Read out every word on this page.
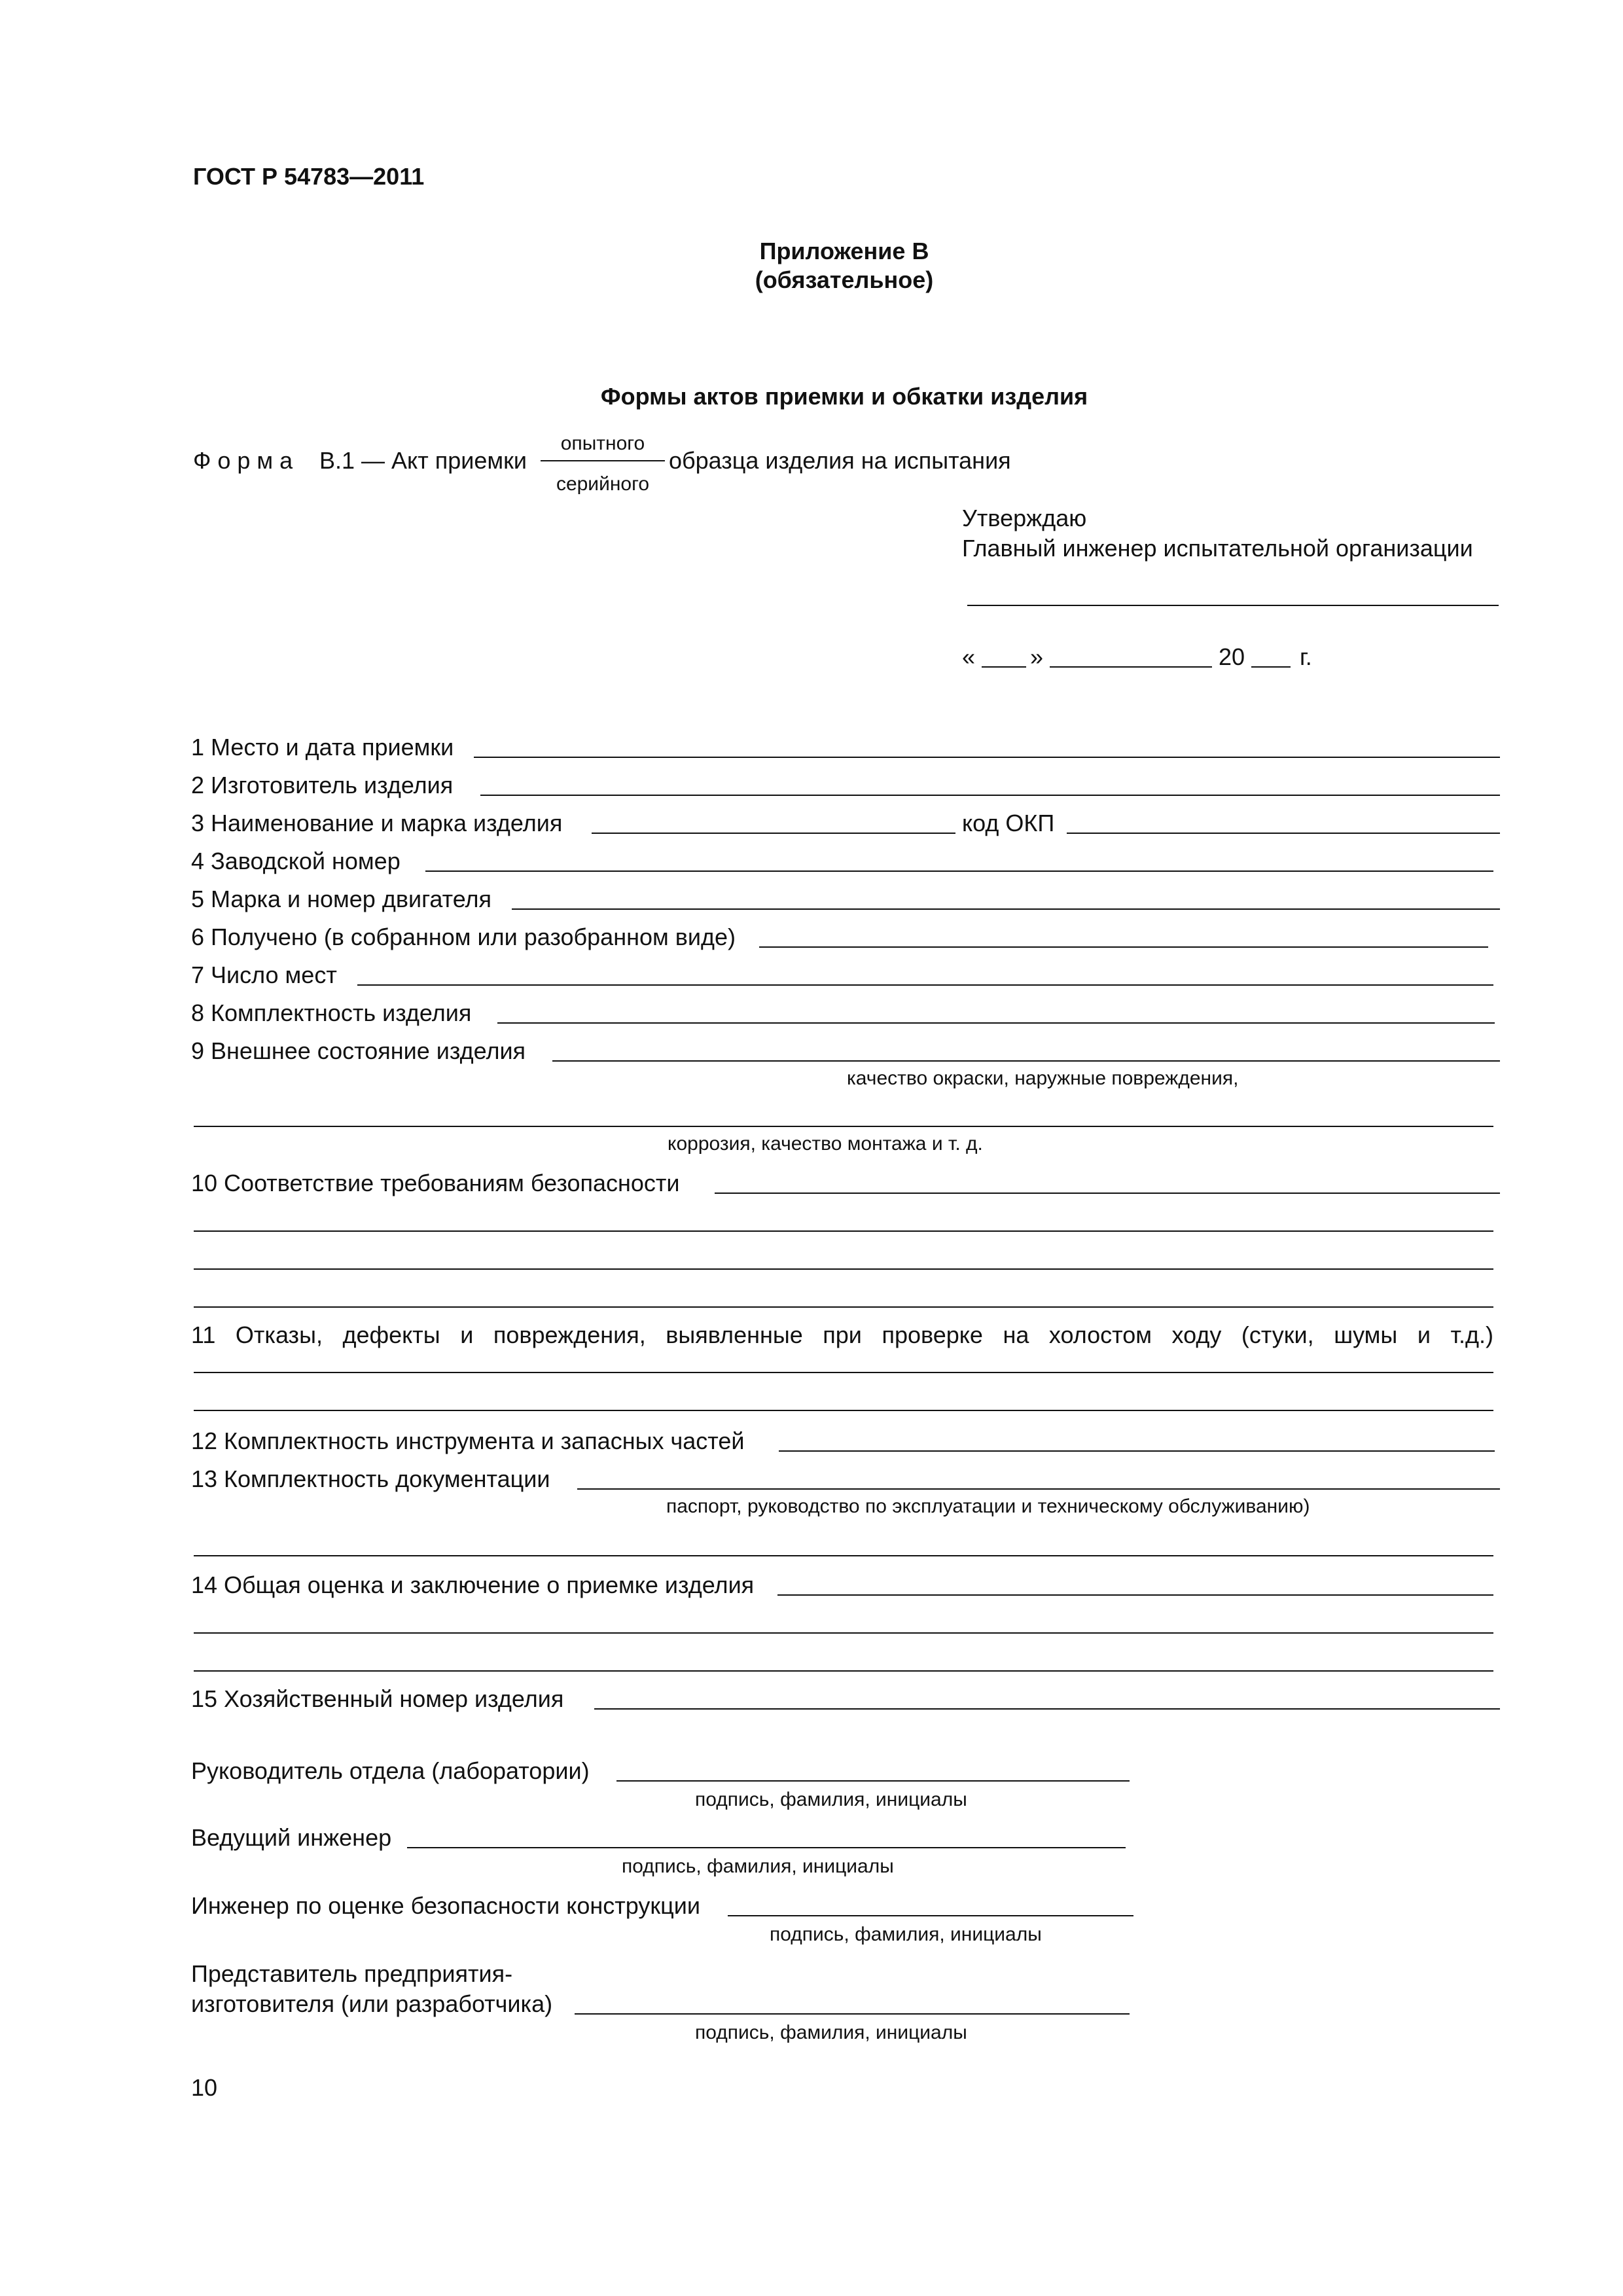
ГОСТ Р 54783—2011
Приложение В
(обязательное)
Формы актов приемки и обкатки изделия
Форма В.1 — Акт приемки
опытного
серийного
образца изделия на испытания
Утверждаю
Главный инженер испытательной организации
« »	20 г.
1 Место и дата приемки
2 Изготовитель изделия
3 Наименование и марка изделия	код ОКП
4 Заводской номер
5 Марка и номер двигателя
6 Получено (в собранном или разобранном виде)
7 Число мест
8 Комплектность изделия
9 Внешнее состояние изделия
качество окраски, наружные повреждения,
коррозия, качество монтажа и т. д.
10 Соответствие требованиям безопасности
11 Отказы, дефекты и повреждения, выявленные при проверке на холостом ходу (стуки, шумы и т.д.)
12 Комплектность инструмента и запасных частей
13 Комплектность документации
паспорт, руководство по эксплуатации и техническому обслуживанию)
14 Общая оценка и заключение о приемке изделия
15 Хозяйственный номер изделия
Руководитель отдела (лаборатории)
подпись, фамилия, инициалы
Ведущий инженер
подпись, фамилия, инициалы
Инженер по оценке безопасности конструкции
подпись, фамилия, инициалы
Представитель предприятия-
изготовителя (или разработчика)
подпись, фамилия, инициалы
10
